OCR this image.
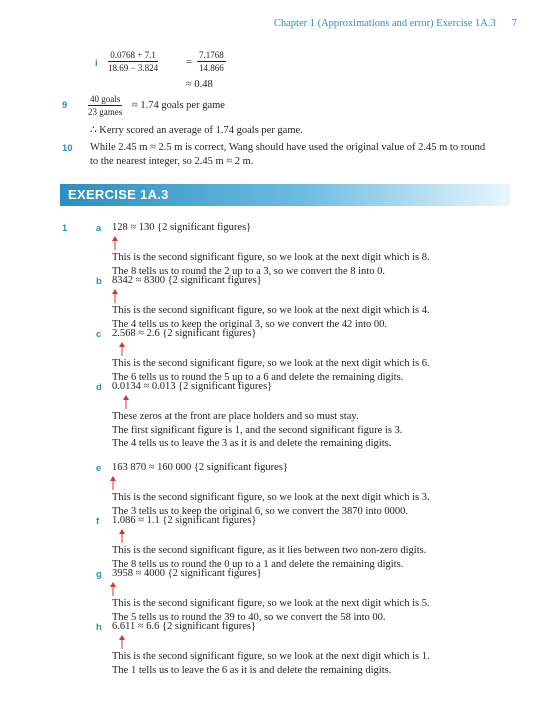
Chapter 1 (Approximations and error) Exercise 1A.3 7
i $\frac{0.0768 + 7.1}{18.69 - 3.824}$	= $\frac{7.1768}{14.866}$
≈ 0.48
9
40 goals
23 games
≈ 1.74 goals per game
∴ Kerry scored an average of 1.74 goals per game.
10 While 2.45 m ≈ 2.5 m is correct, Wang should have used the original value of 2.45 m to round
to the nearest integer, so 2.45 m ≈ 2 m.
EXERCISE 1A.3
1	a 128 ≈ 130 {2 significant figures}
This is the second significant figure, so we look at the next digit which is 8.
The 8 tells us to round the 2 up to a 3, so we convert the 8 into 0.
b 8342 ≈ 8300 {2 significant figures}
This is the second significant figure, so we look at the next digit which is 4.
The 4 tells us to keep the original 3, so we convert the 42 into 00.
c 2.568 ≈ 2.6 {2 significant figures}
This is the second significant figure, so we look at the next digit which is 6.
The 6 tells us to round the 5 up to a 6 and delete the remaining digits.
d 0.0134 ≈ 0.013 {2 significant figures}
These zeros at the front are place holders and so must stay.
The first significant figure is 1, and the second significant figure is 3.
The 4 tells us to leave the 3 as it is and delete the remaining digits.
e 163 870 ≈ 160 000 {2 significant figures}
This is the second significant figure, so we look at the next digit which is 3.
The 3 tells us to keep the original 6, so we convert the 3870 into 0000.
f 1.086 ≈ 1.1 {2 significant figures}
This is the second significant figure, as it lies between two non-zero digits.
The 8 tells us to round the 0 up to a 1 and delete the remaining digits.
g 3958 ≈ 4000 {2 significant figures}
This is the second significant figure, so we look at the next digit which is 5.
The 5 tells us to round the 39 to 40, so we convert the 58 into 00.
h 6.611 ≈ 6.6 {2 significant figures}
This is the second significant figure, so we look at the next digit which is 1.
The 1 tells us to leave the 6 as it is and delete the remaining digits.
